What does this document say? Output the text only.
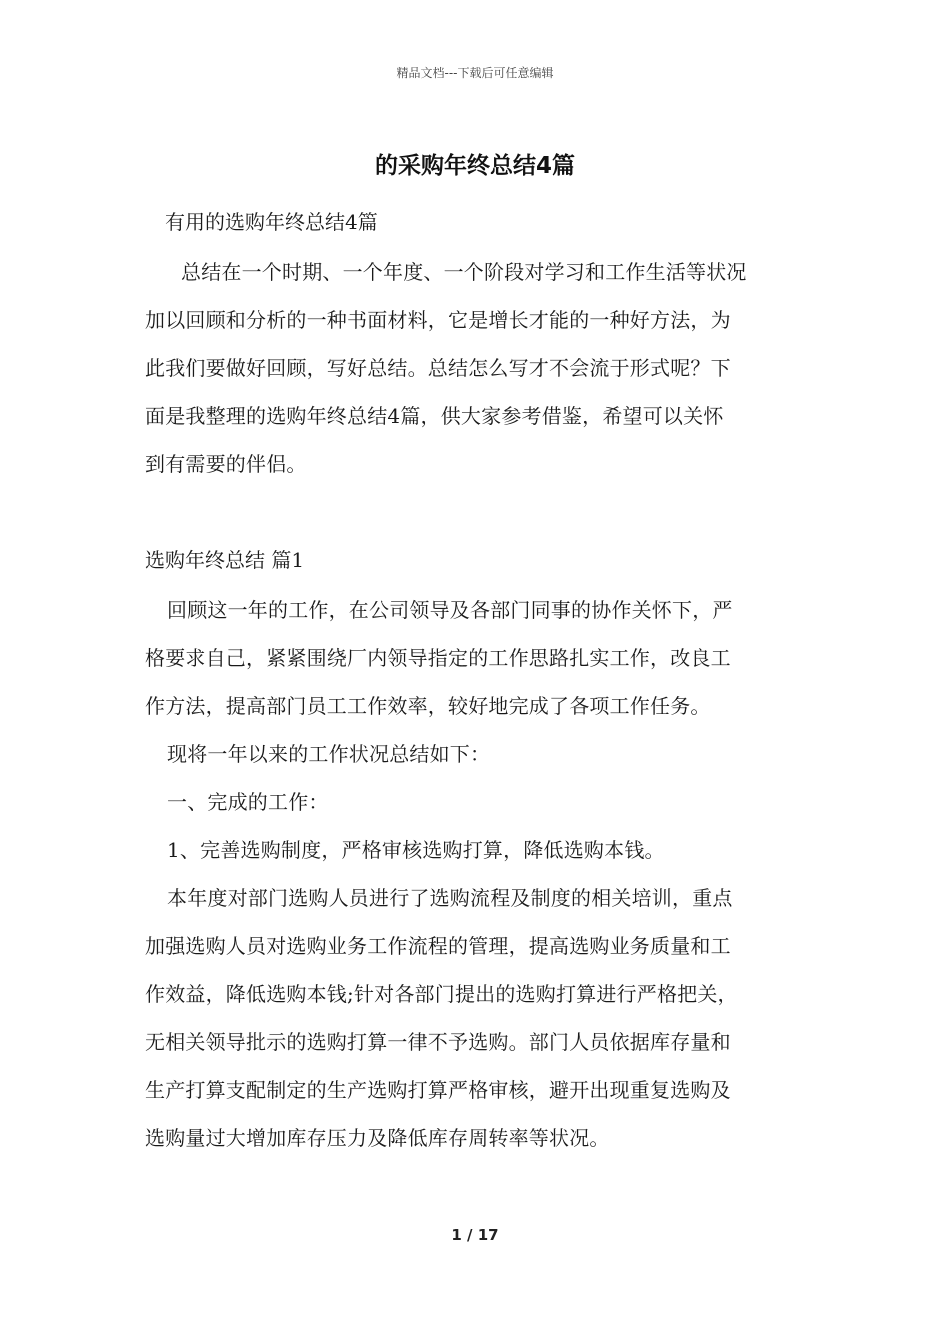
精品文档---下载后可任意编辑
的采购年终总结4篇
有用的选购年终总结4篇
总结在一个时期、一个年度、一个阶段对学习和工作生活等状况
加以回顾和分析的一种书面材料，它是增长才能的一种好方法，为
此我们要做好回顾，写好总结。总结怎么写才不会流于形式呢？下
面是我整理的选购年终总结4篇，供大家参考借鉴，希望可以关怀
到有需要的伴侣。
选购年终总结 篇1
回顾这一年的工作，在公司领导及各部门同事的协作关怀下，严
格要求自己，紧紧围绕厂内领导指定的工作思路扎实工作，改良工
作方法，提高部门员工工作效率，较好地完成了各项工作任务。
现将一年以来的工作状况总结如下：
一、完成的工作：
1、完善选购制度，严格审核选购打算，降低选购本钱。
本年度对部门选购人员进行了选购流程及制度的相关培训，重点
加强选购人员对选购业务工作流程的管理，提高选购业务质量和工
作效益，降低选购本钱;针对各部门提出的选购打算进行严格把关，
无相关领导批示的选购打算一律不予选购。部门人员依据库存量和
生产打算支配制定的生产选购打算严格审核，避开出现重复选购及
选购量过大增加库存压力及降低库存周转率等状况。
1 / 17
